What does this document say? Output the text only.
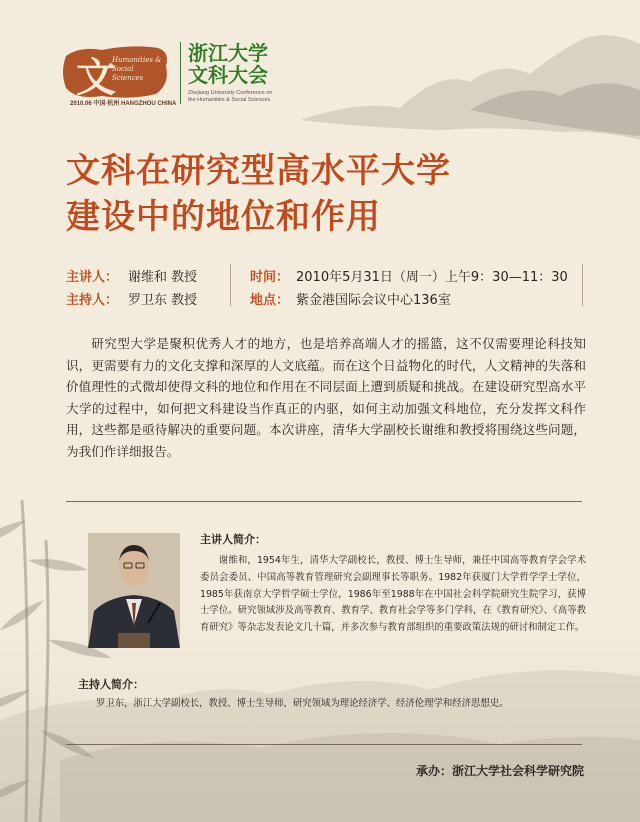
文
Humanities & Social Sciences
2010.06 中国·杭州 HANGZHOU CHINA
浙江大学
文科大会
Zhejiang University Conference on
the Humanities & Social Sciences
文科在研究型高水平大学
建设中的地位和作用
主讲人： 谢维和 教授
主持人： 罗卫东 教授
时间： 2010年5月31日（周一）上午9：30—11：30
地点： 紫金港国际会议中心136室
研究型大学是聚积优秀人才的地方，也是培养高端人才的摇篮，这不仅需要理论科技知识，更需要有力的文化支撑和深厚的人文底蕴。而在这个日益物化的时代，人文精神的失落和价值理性的式微却使得文科的地位和作用在不同层面上遭到质疑和挑战。在建设研究型高水平大学的过程中，如何把文科建设当作真正的内驱，如何主动加强文科地位，充分发挥文科作用，这些都是亟待解决的重要问题。本次讲座，清华大学副校长谢维和教授将围绕这些问题，为我们作详细报告。
主讲人简介：
谢维和，1954年生，清华大学副校长，教授、博士生导师，兼任中国高等教育学会学术委员会委员、中国高等教育管理研究会副理事长等职务。1982年获厦门大学哲学学士学位，1985年获南京大学哲学硕士学位，1986年至1988年在中国社会科学院研究生院学习，获博士学位。研究领域涉及高等教育、教育学、教育社会学等多门学科，在《教育研究》、《高等教育研究》等杂志发表论文几十篇，并多次参与教育部组织的重要政策法规的研讨和制定工作。
主持人简介：
罗卫东，浙江大学副校长，教授、博士生导师，研究领域为理论经济学、经济伦理学和经济思想史。
承办：浙江大学社会科学研究院
